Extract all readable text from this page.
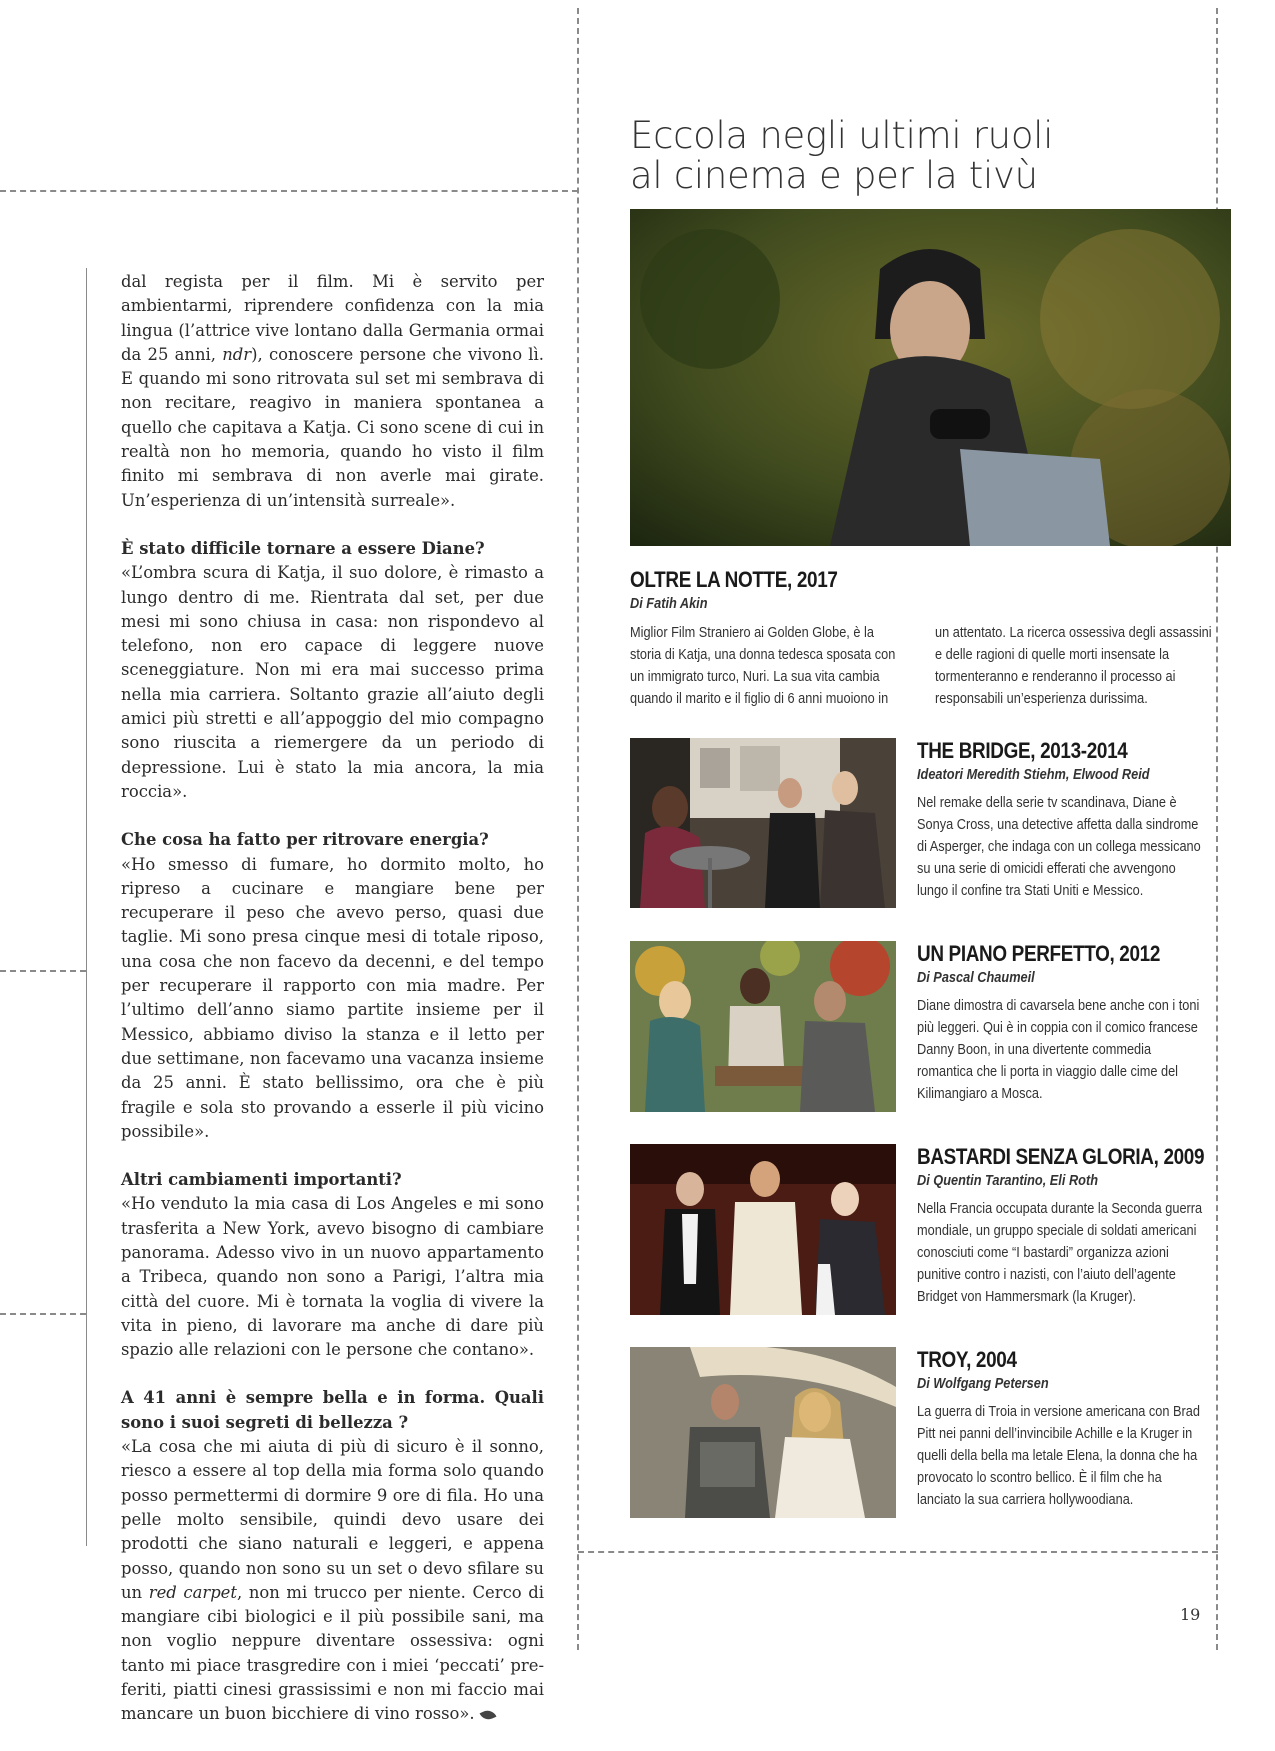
dal regista per il film. Mi è servito per ambientarmi, riprendere confidenza con la mia lingua (l’attrice vive lontano dalla Germania ormai da 25 anni, ndr), conoscere persone che vivono lì. E quando mi sono ritrovata sul set mi sembrava di non recitare, reagivo in maniera spontanea a quello che capitava a Katja. Ci sono scene di cui in realtà non ho memoria, quando ho visto il film finito mi sembrava di non averle mai girate. Un’esperienza di un’intensità surreale».

È stato difficile tornare a essere Diane?
«L’ombra scura di Katja, il suo dolore, è rimasto a lungo dentro di me. Rientrata dal set, per due mesi mi sono chiusa in casa: non rispondevo al telefono, non ero capace di leggere nuove sceneggiature. Non mi era mai successo prima nella mia carriera. Soltanto grazie all’aiuto degli amici più stretti e all’appoggio del mio compagno sono riuscita a riemergere da un periodo di depressione. Lui è stato la mia ancora, la mia roccia».

Che cosa ha fatto per ritrovare energia?
«Ho smesso di fumare, ho dormito molto, ho ripreso a cucinare e mangiare bene per recuperare il peso che avevo perso, quasi due taglie. Mi sono presa cinque mesi di totale riposo, una cosa che non facevo da decenni, e del tempo per recuperare il rapporto con mia madre. Per l’ultimo dell’anno siamo partite insieme per il Messico, abbiamo diviso la stanza e il letto per due settimane, non facevamo una vacanza insieme da 25 anni. È stato bellissimo, ora che è più fragile e sola sto provando a esserle il più vicino possibile».

Altri cambiamenti importanti?
«Ho venduto la mia casa di Los Angeles e mi sono trasferita a New York, avevo bisogno di cambiare panorama. Adesso vivo in un nuovo appartamento a Tribeca, quando non sono a Parigi, l’altra mia città del cuore. Mi è tornata la voglia di vivere la vita in pieno, di lavorare ma anche di dare più spazio alle relazioni con le persone che contano».

A 41 anni è sempre bella e in forma. Quali sono i suoi segreti di bellezza ?
«La cosa che mi aiuta di più di sicuro è il sonno, riesco a essere al top della mia forma solo quando posso permettermi di dormire 9 ore di fila. Ho una pelle molto sensibile, quindi devo usare dei prodotti che siano naturali e leggeri, e appena posso, quando non sono su un set o devo sfilare su un red carpet, non mi trucco per niente. Cerco di mangiare cibi biologici e il più possibile sani, ma non voglio neppure diventare ossessiva: ogni tanto mi piace trasgredire con i miei ‘peccati’ preferiti, piatti cinesi grassissimi e non mi faccio mai mancare un buon bicchiere di vino rosso».

Eccola negli ultimi ruoli
al cinema e per la tivù
OLTRE LA NOTTE, 2017
Di Fatih Akin
Miglior Film Straniero ai Golden Globe, è la
storia di Katja, una donna tedesca sposata con
un immigrato turco, Nuri. La sua vita cambia
quando il marito e il figlio di 6 anni muoiono in
un attentato. La ricerca ossessiva degli assassini
e delle ragioni di quelle morti insensate la
tormenteranno e renderanno il processo ai
responsabili un’esperienza durissima.
THE BRIDGE, 2013-2014
Ideatori Meredith Stiehm, Elwood Reid
Nel remake della serie tv scandinava, Diane è
Sonya Cross, una detective affetta dalla sindrome
di Asperger, che indaga con un collega messicano
su una serie di omicidi efferati che avvengono
lungo il confine tra Stati Uniti e Messico.
UN PIANO PERFETTO, 2012
Di Pascal Chaumeil
Diane dimostra di cavarsela bene anche con i toni
più leggeri. Qui è in coppia con il comico francese
Danny Boon, in una divertente commedia
romantica che li porta in viaggio dalle cime del
Kilimangiaro a Mosca.
BASTARDI SENZA GLORIA, 2009
Di Quentin Tarantino, Eli Roth
Nella Francia occupata durante la Seconda guerra
mondiale, un gruppo speciale di soldati americani
conosciuti come “I bastardi” organizza azioni
punitive contro i nazisti, con l’aiuto dell’agente
Bridget von Hammersmark (la Kruger).
TROY, 2004
Di Wolfgang Petersen
La guerra di Troia in versione americana con Brad
Pitt nei panni dell’invincibile Achille e la Kruger in
quelli della bella ma letale Elena, la donna che ha
provocato lo scontro bellico. È il film che ha
lanciato la sua carriera hollywoodiana.
19
